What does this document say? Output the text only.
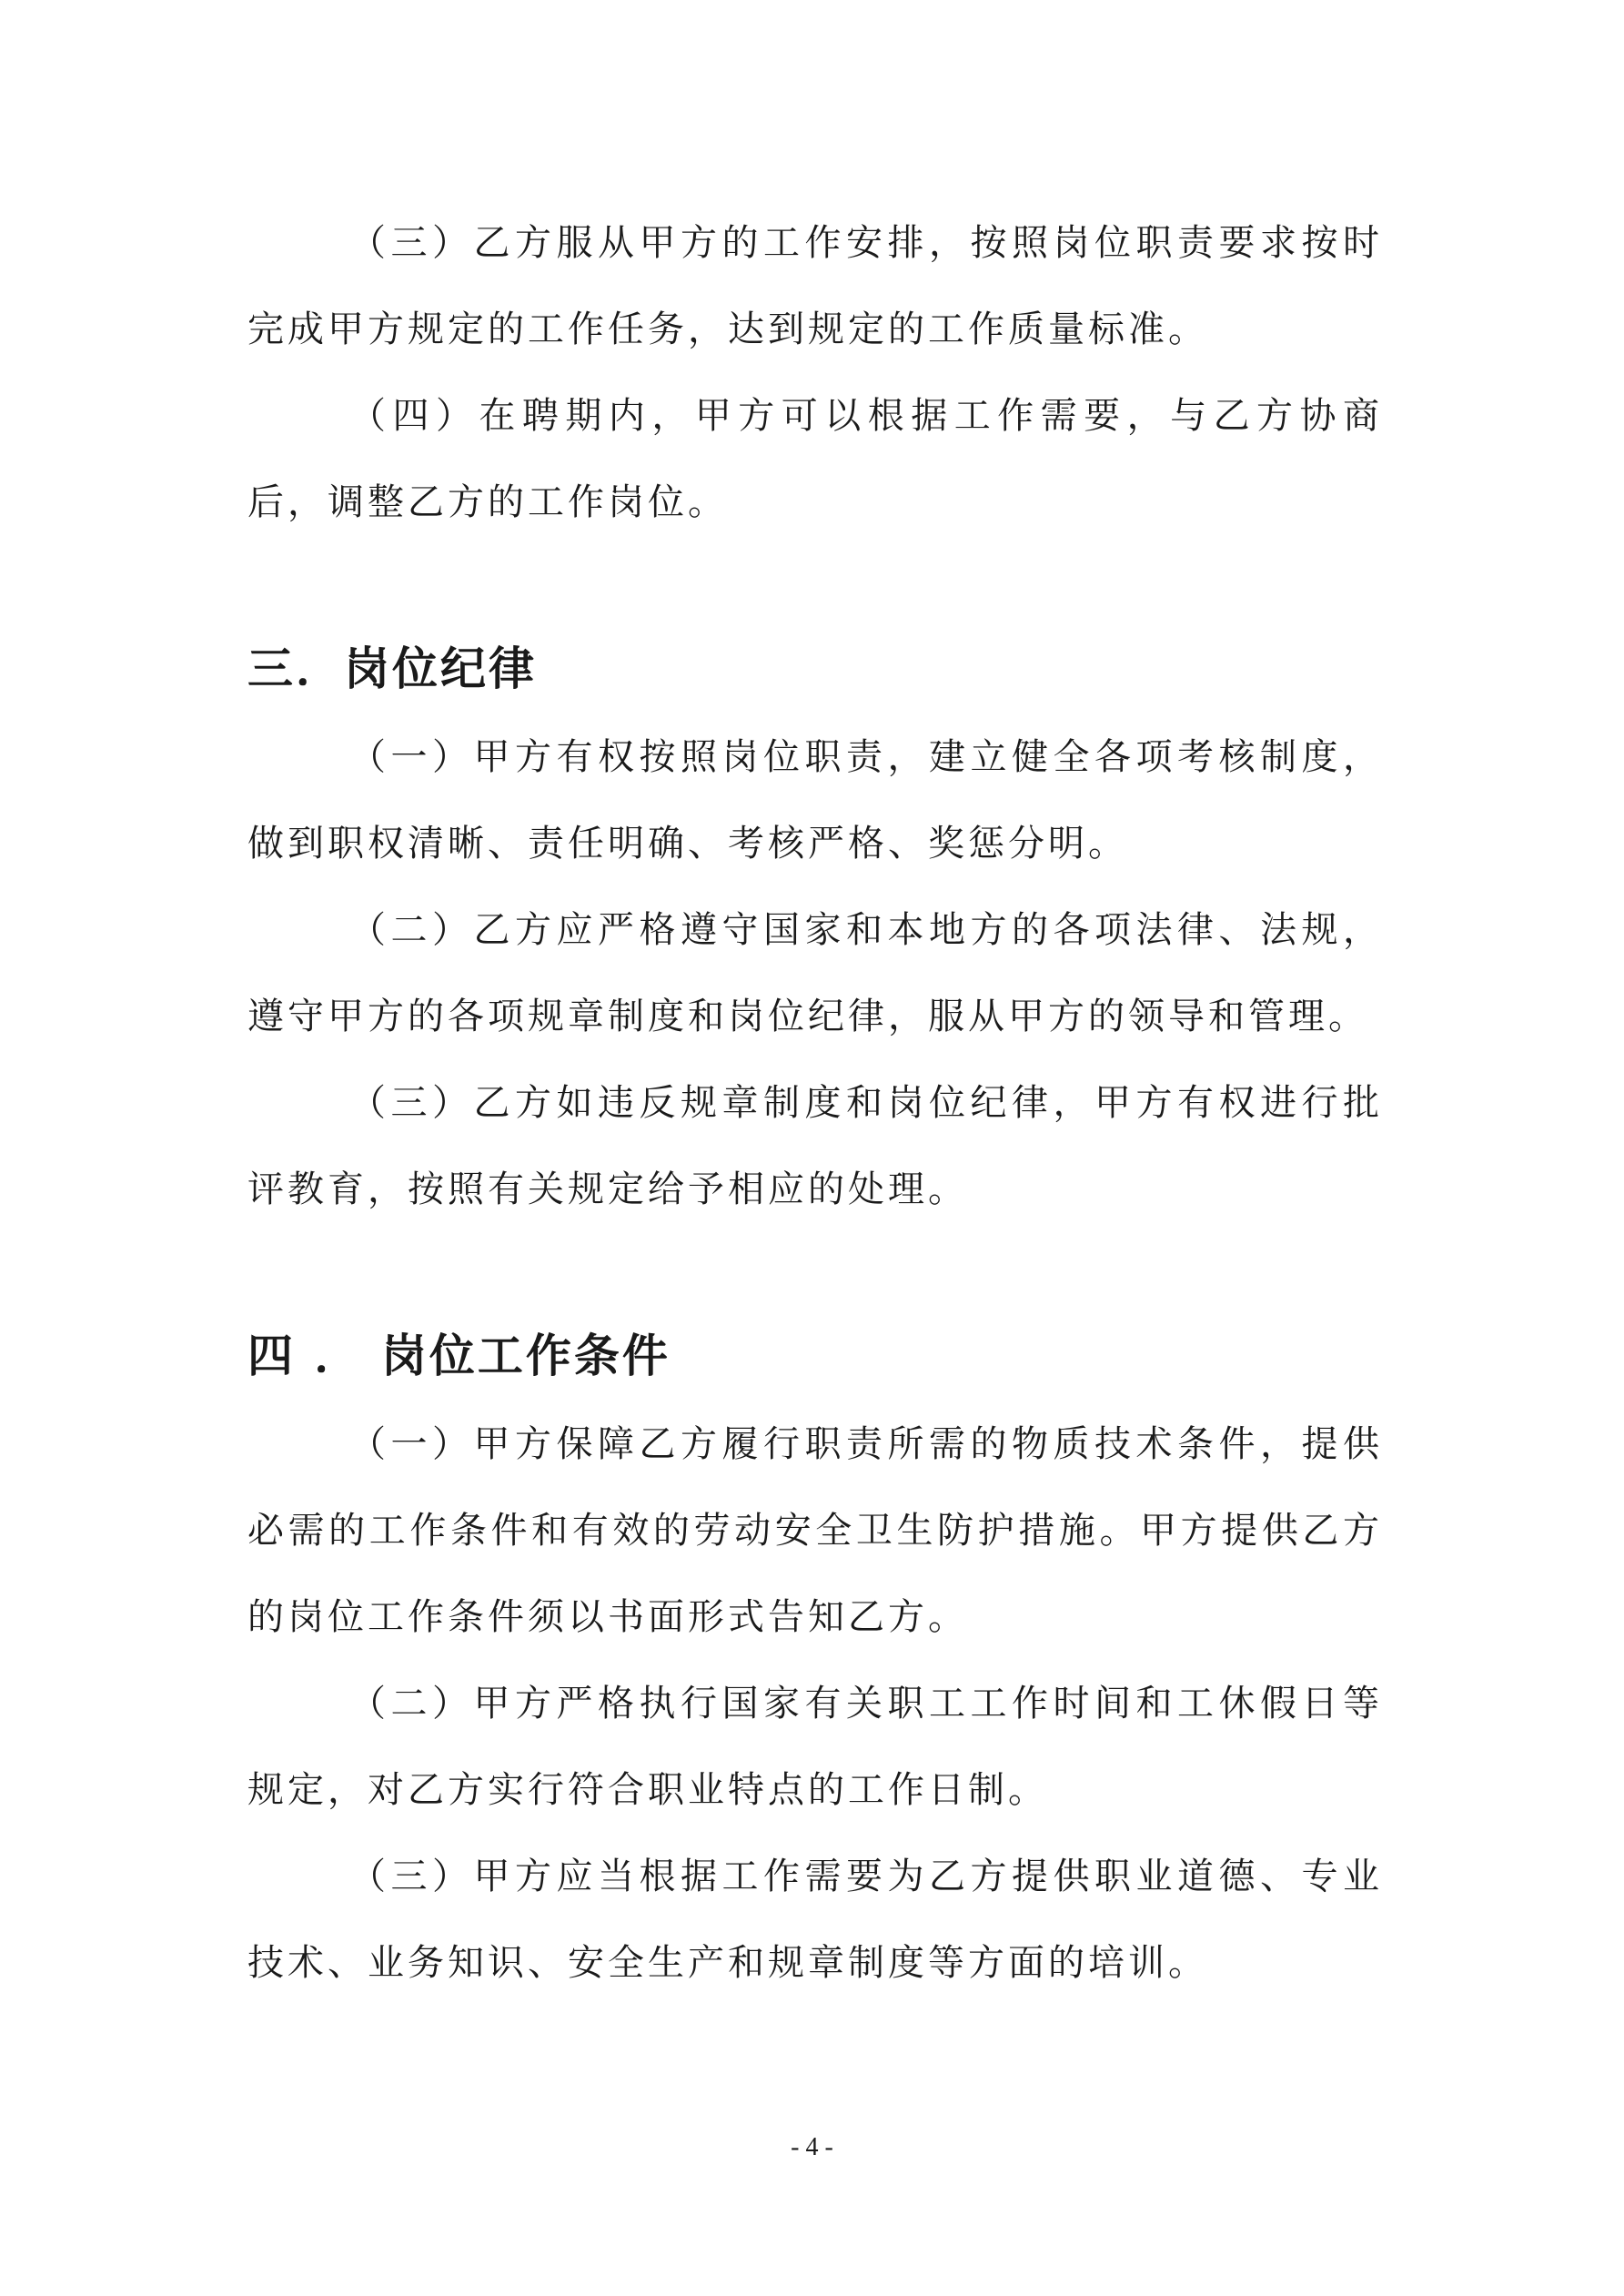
（三）乙方服从甲方的工作安排，按照岗位职责要求按时完成甲方规定的工作任务，达到规定的工作质量标准。

（四）在聘期内，甲方可以根据工作需要，与乙方协商后，调整乙方的工作岗位。

三．岗位纪律

（一）甲方有权按照岗位职责，建立健全各项考核制度，做到职权清晰、责任明确、考核严格、奖惩分明。

（二）乙方应严格遵守国家和本地方的各项法律、法规，遵守甲方的各项规章制度和岗位纪律，服从甲方的领导和管理。

（三）乙方如违反规章制度和岗位纪律，甲方有权进行批评教育，按照有关规定给予相应的处理。

四 ． 岗位工作条件

（一）甲方保障乙方履行职责所需的物质技术条件，提供必需的工作条件和有效的劳动安全卫生防护措施。甲方提供乙方的岗位工作条件须以书面形式告知乙方。

（二）甲方严格执行国家有关职工工作时间和工休假日等规定，对乙方实行符合职业特点的工作日制。

（三）甲方应当根据工作需要为乙方提供职业道德、专业技术、业务知识、安全生产和规章制度等方面的培训。

- 4 -
